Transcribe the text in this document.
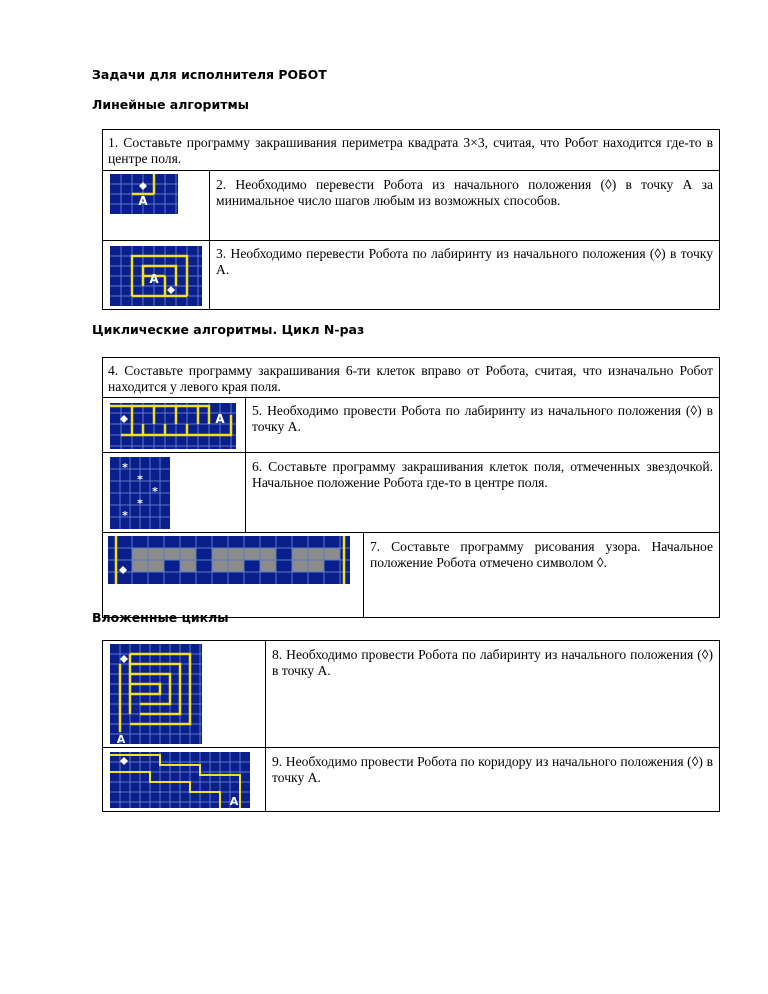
Задачи для исполнителя РОБОТ
Линейные алгоритмы
Циклические алгоритмы. Цикл N-раз
Вложенные циклы
1. Составьте программу закрашивания периметра квадрата 3×3, считая, что Робот находится где-то в центре поля.
2. Необходимо перевести Робота из начального положения (◊) в точку А за минимальное число шагов любым из возможных способов.
3. Необходимо перевести Робота по лабиринту из начального положения (◊) в точку А.
А
А
4. Составьте программу закрашивания 6-ти клеток вправо от Робота, считая, что изначально Робот находится у левого края поля.
5. Необходимо провести Робота по лабиринту из начального положения (◊) в точку А.
6. Составьте программу закрашивания клеток поля, отмеченных звездочкой. Начальное положение Робота где-то в центре поля.
7. Составьте программу рисования узора. Начальное положение Робота отмечено символом ◊.
А
*
*
*
*
*
8. Необходимо провести Робота по лабиринту из начального положения (◊) в точку А.
9. Необходимо провести Робота по коридору из начального положения (◊) в точку А.
А
А
